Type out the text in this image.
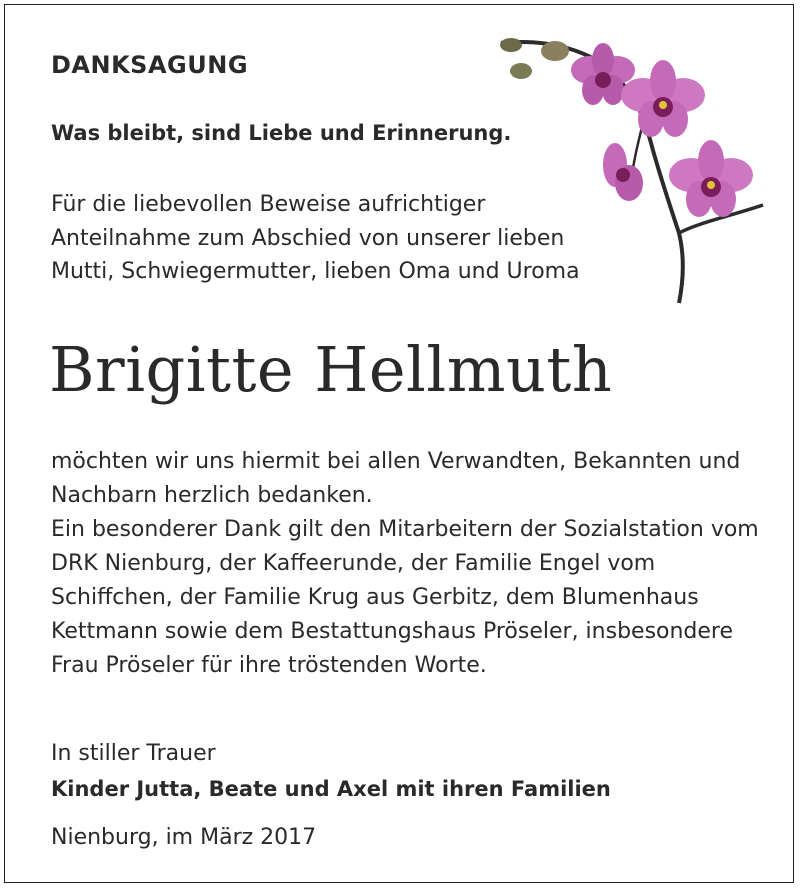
DANKSAGUNG

Was bleibt, sind Liebe und Erinnerung.

Für die liebevollen Beweise aufrichtiger Anteilnahme zum Abschied von unserer lieben Mutti, Schwiegermutter, lieben Oma und Uroma

Brigitte Hellmuth

möchten wir uns hiermit bei allen Verwandten, Bekannten und Nachbarn herzlich bedanken.

Ein besonderer Dank gilt den Mitarbeitern der Sozialstation vom DRK Nienburg, der Kaffeerunde, der Familie Engel vom Schiffchen, der Familie Krug aus Gerbitz, dem Blumenhaus Kettmann sowie dem Bestattungshaus Pröseler, insbesondere Frau Pröseler für ihre tröstenden Worte.

In stiller Trauer

Kinder Jutta, Beate und Axel mit ihren Familien

Nienburg, im März 2017
